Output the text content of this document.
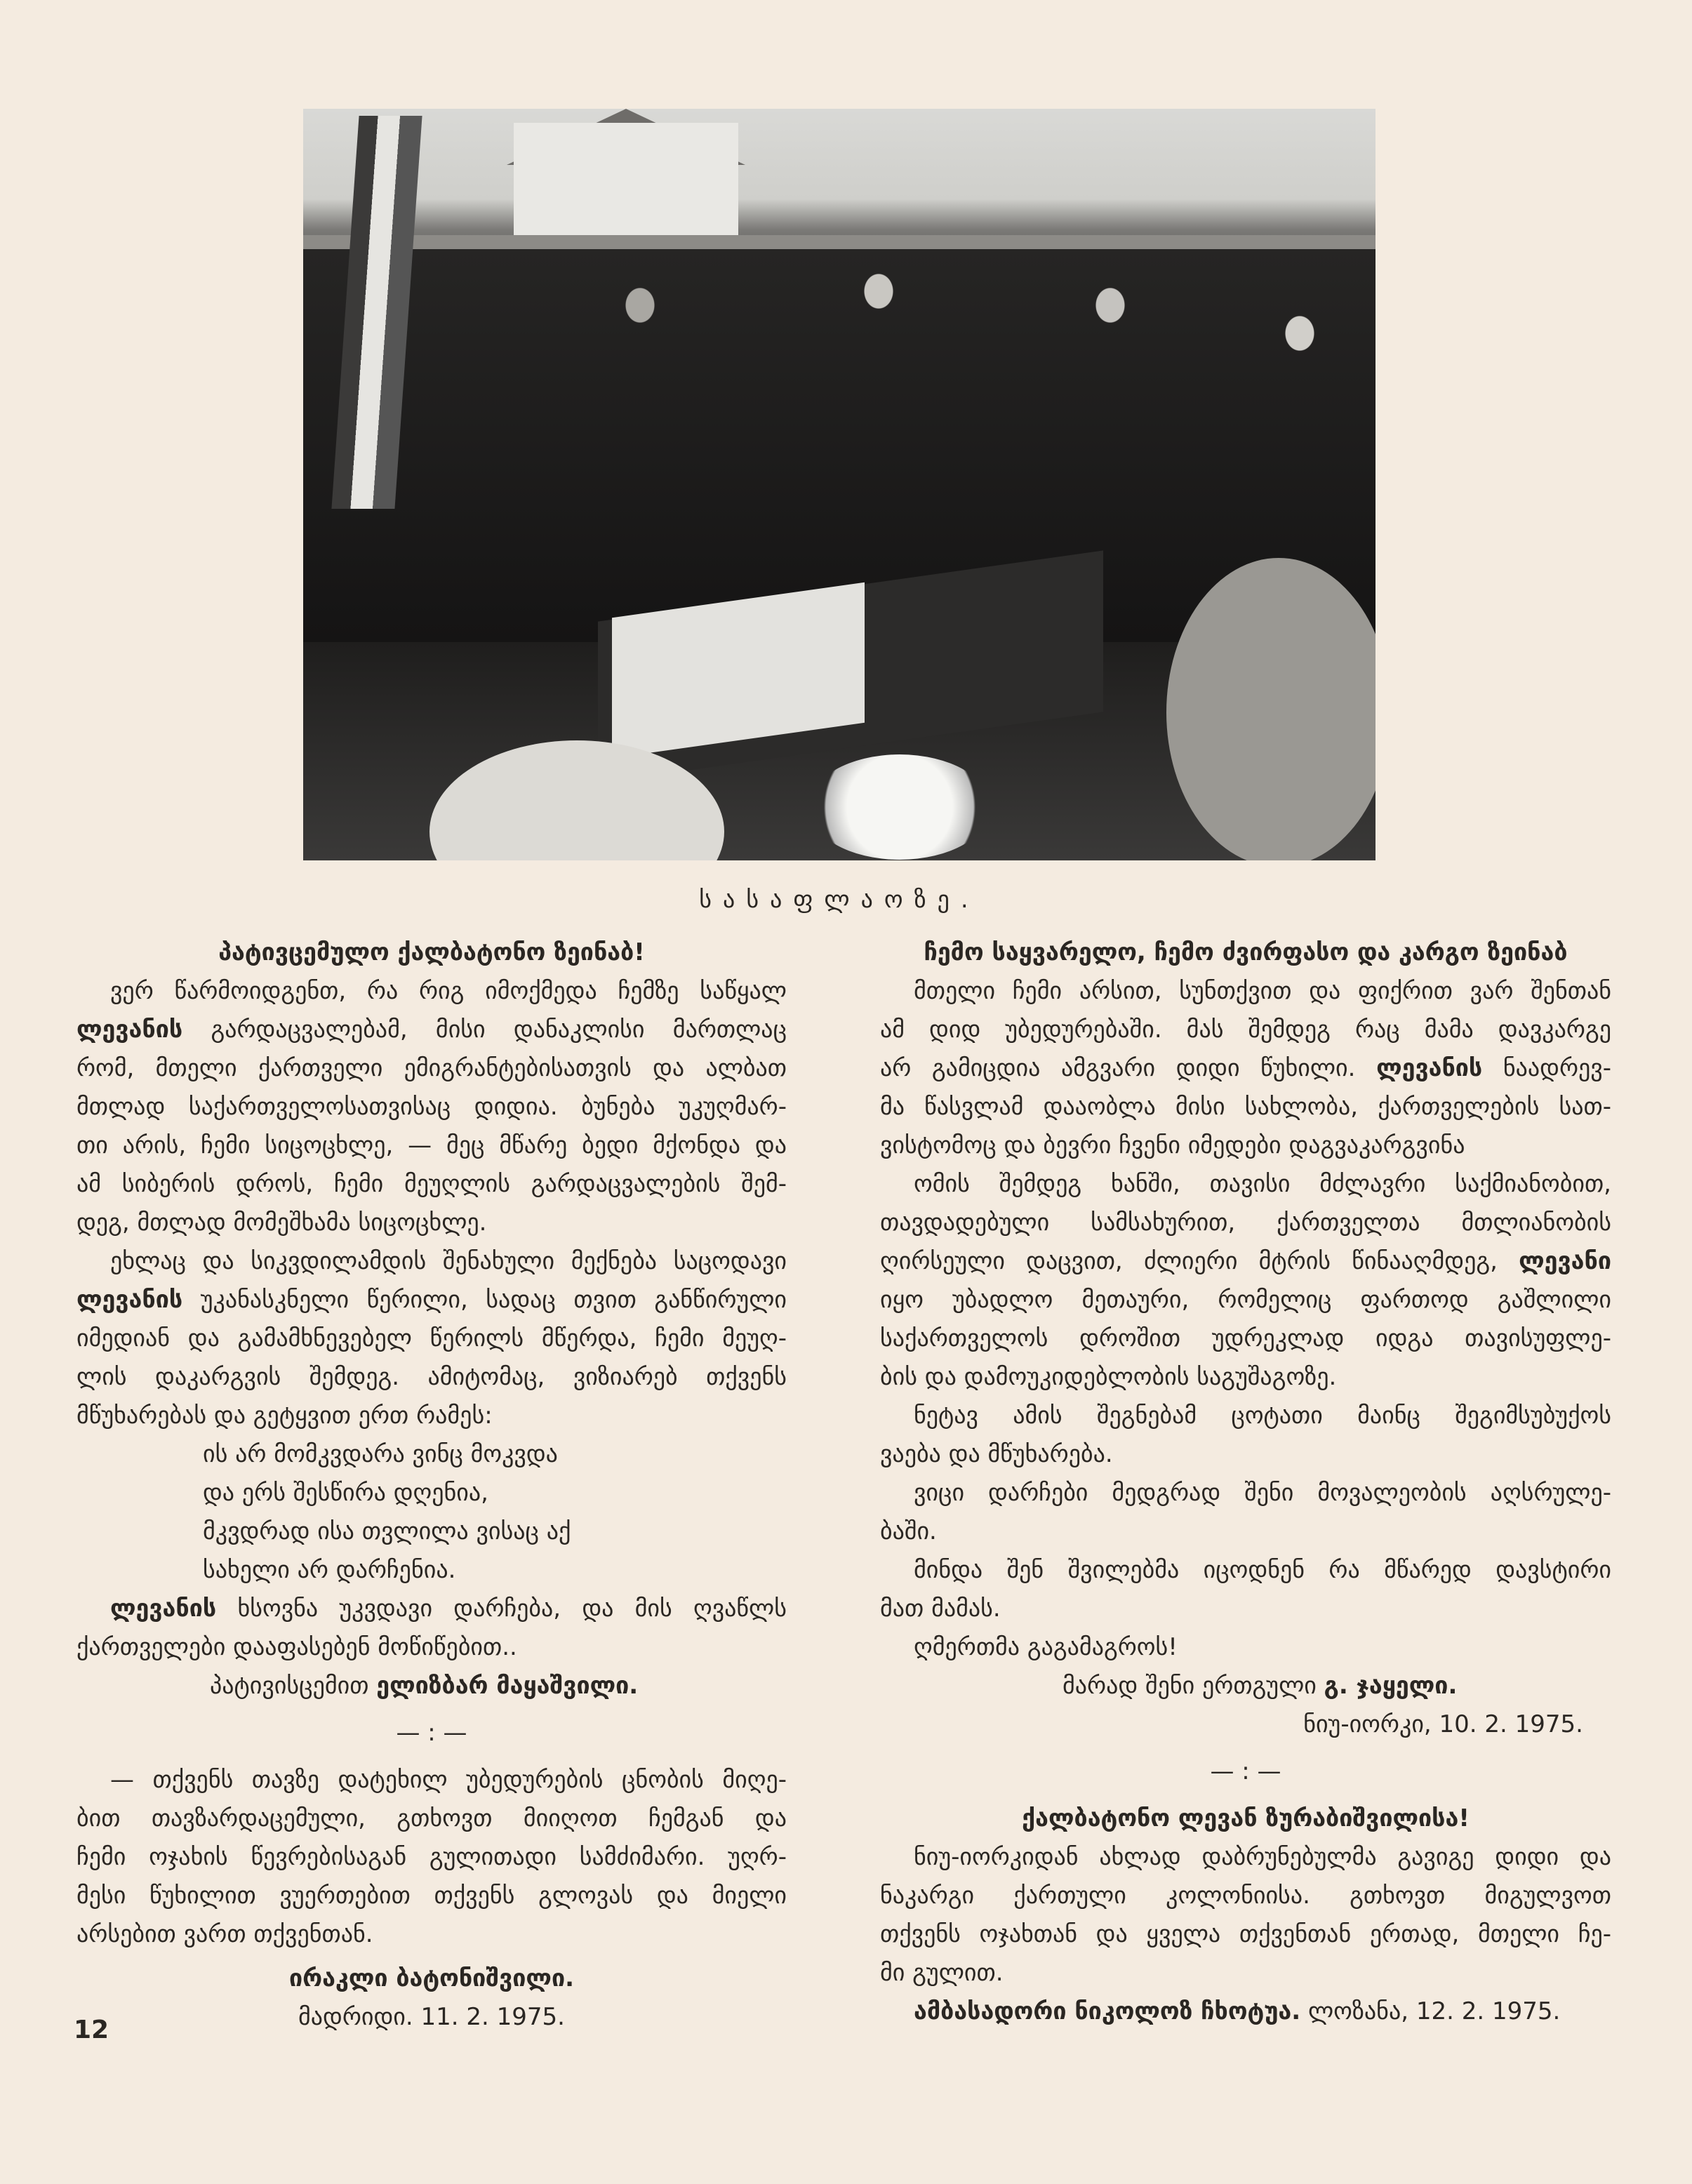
სასაფლაოზე.
პატივცემულო ქალბატონო ზეინაბ!
ვერ წარმოიდგენთ, რა რიგ იმოქმედა ჩემზე საწყალ
ლევანის გარდაცვალებამ, მისი დანაკლისი მართლაც
რომ, მთელი ქართველი ემიგრანტებისათვის და ალბათ
მთლად საქართველოსათვისაც დიდია. ბუნება უკუღმარ-
თი არის, ჩემი სიცოცხლე, — მეც მწარე ბედი მქონდა და
ამ სიბერის დროს, ჩემი მეუღლის გარდაცვალების შემ-
დეგ, მთლად მომეშხამა სიცოცხლე.
ეხლაც და სიკვდილამდის შენახული მექნება საცოდავი
ლევანის უკანასკნელი წერილი, სადაც თვით განწირული
იმედიან და გამამხნევებელ წერილს მწერდა, ჩემი მეუღ-
ლის დაკარგვის შემდეგ. ამიტომაც, ვიზიარებ თქვენს
მწუხარებას და გეტყვით ერთ რამეს:
ის არ მომკვდარა ვინც მოკვდა
და ერს შესწირა დღენია,
მკვდრად ისა თვლილა ვისაც აქ
სახელი არ დარჩენია.
ლევანის ხსოვნა უკვდავი დარჩება, და მის ღვაწლს
ქართველები დააფასებენ მოწიწებით..
პატივისცემით ელიზბარ მაყაშვილი.
— : —
— თქვენს თავზე დატეხილ უბედურების ცნობის მიღე-
ბით თავზარდაცემული, გთხოვთ მიიღოთ ჩემგან და
ჩემი ოჯახის წევრებისაგან გულითადი სამძიმარი. უღრ-
მესი წუხილით ვუერთებით თქვენს გლოვას და მიელი
არსებით ვართ თქვენთან.
ირაკლი ბატონიშვილი.
მადრიდი. 11. 2. 1975.
ჩემო საყვარელო, ჩემო ძვირფასო და კარგო ზეინაბ
მთელი ჩემი არსით, სუნთქვით და ფიქრით ვარ შენთან
ამ დიდ უბედურებაში. მას შემდეგ რაც მამა დავკარგე
არ გამიცდია ამგვარი დიდი წუხილი. ლევანის ნაადრევ-
მა წასვლამ დააობლა მისი სახლობა, ქართველების სათ-
ვისტომოც და ბევრი ჩვენი იმედები დაგვაკარგვინა
ომის შემდეგ ხანში, თავისი მძლავრი საქმიანობით,
თავდადებული სამსახურით, ქართველთა მთლიანობის
ღირსეული დაცვით, ძლიერი მტრის წინააღმდეგ, ლევანი
იყო უბადლო მეთაური, რომელიც ფართოდ გაშლილი
საქართველოს დროშით უდრეკლად იდგა თავისუფლე-
ბის და დამოუკიდებლობის საგუშაგოზე.
ნეტავ ამის შეგნებამ ცოტათი მაინც შეგიმსუბუქოს
ვაება და მწუხარება.
ვიცი დარჩები მედგრად შენი მოვალეობის აღსრულე-
ბაში.
მინდა შენ შვილებმა იცოდნენ რა მწარედ დავსტირი
მათ მამას.
ღმერთმა გაგამაგროს!
მარად შენი ერთგული გ. ჯაყელი.
ნიუ-იორკი, 10. 2. 1975.
— : —
ქალბატონო ლევან ზურაბიშვილისა!
ნიუ-იორკიდან ახლად დაბრუნებულმა გავიგე დიდი და
ნაკარგი ქართული კოლონიისა. გთხოვთ მიგულვოთ
თქვენს ოჯახთან და ყველა თქვენთან ერთად, მთელი ჩე-
მი გულით.
ამბასადორი ნიკოლოზ ჩხოტუა. ლოზანა, 12. 2. 1975.
12
